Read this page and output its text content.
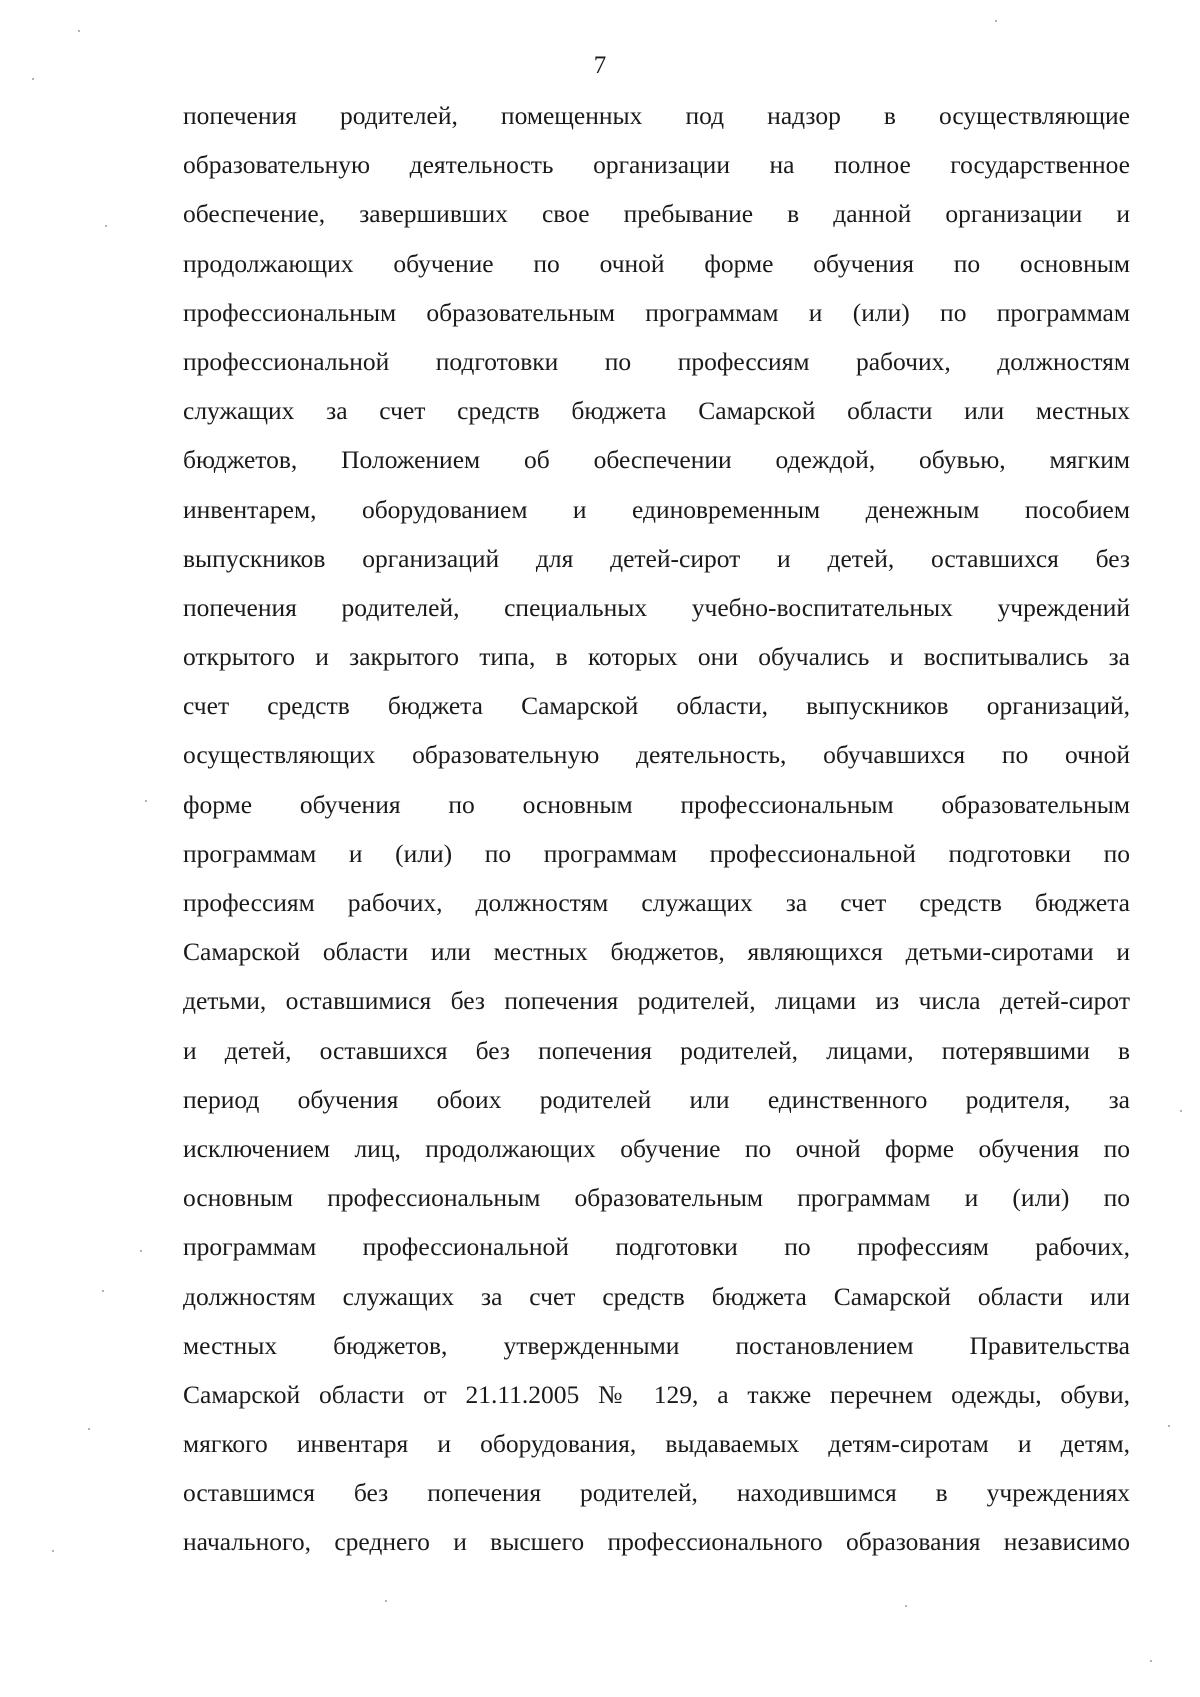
7
попечения родителей, помещенных под надзор в осуществляющие
образовательную деятельность организации на полное государственное
обеспечение, завершивших свое пребывание в данной организации и
продолжающих обучение по очной форме обучения по основным
профессиональным образовательным программам и (или) по программам
профессиональной подготовки по профессиям рабочих, должностям
служащих за счет средств бюджета Самарской области или местных
бюджетов, Положением об обеспечении одеждой, обувью, мягким
инвентарем, оборудованием и единовременным денежным пособием
выпускников организаций для детей-сирот и детей, оставшихся без
попечения родителей, специальных учебно-воспитательных учреждений
открытого и закрытого типа, в которых они обучались и воспитывались за
счет средств бюджета Самарской области, выпускников организаций,
осуществляющих образовательную деятельность, обучавшихся по очной
форме обучения по основным профессиональным образовательным
программам и (или) по программам профессиональной подготовки по
профессиям рабочих, должностям служащих за счет средств бюджета
Самарской области или местных бюджетов, являющихся детьми-сиротами и
детьми, оставшимися без попечения родителей, лицами из числа детей-сирот
и детей, оставшихся без попечения родителей, лицами, потерявшими в
период обучения обоих родителей или единственного родителя, за
исключением лиц, продолжающих обучение по очной форме обучения по
основным профессиональным образовательным программам и (или) по
программам профессиональной подготовки по профессиям рабочих,
должностям служащих за счет средств бюджета Самарской области или
местных бюджетов, утвержденными постановлением Правительства
Самарской области от 21.11.2005 № 129, а также перечнем одежды, обуви,
мягкого инвентаря и оборудования, выдаваемых детям-сиротам и детям,
оставшимся без попечения родителей, находившимся в учреждениях
начального, среднего и высшего профессионального образования независимо
